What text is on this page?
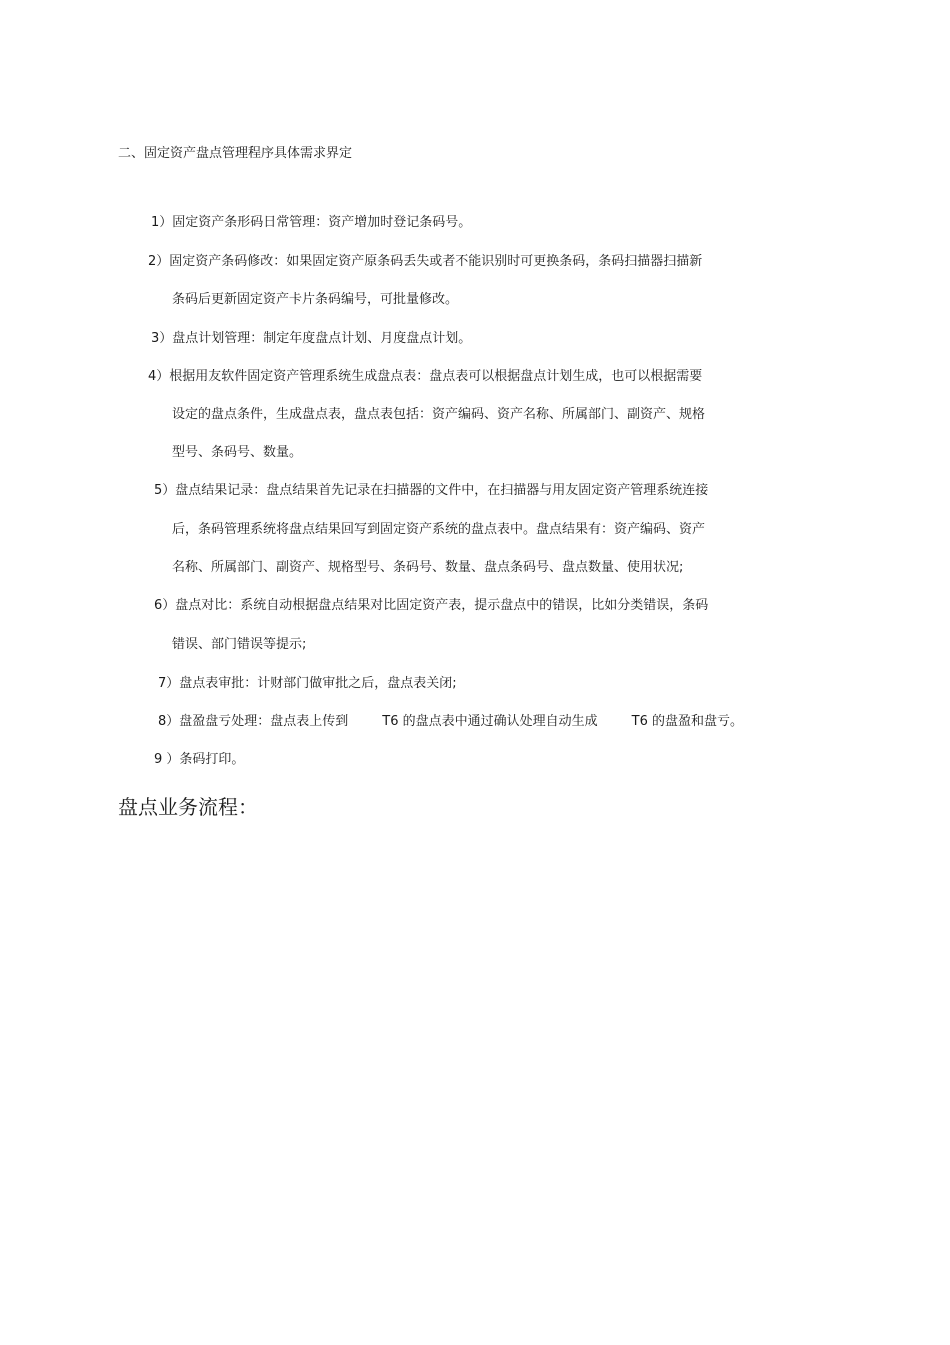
二、固定资产盘点管理程序具体需求界定
1）固定资产条形码日常管理：资产增加时登记条码号。
2）固定资产条码修改：如果固定资产原条码丢失或者不能识别时可更换条码，条码扫描器扫描新
条码后更新固定资产卡片条码编号，可批量修改。
3）盘点计划管理：制定年度盘点计划、月度盘点计划。
4）根据用友软件固定资产管理系统生成盘点表：盘点表可以根据盘点计划生成，也可以根据需要
设定的盘点条件，生成盘点表，盘点表包括：资产编码、资产名称、所属部门、副资产、规格
型号、条码号、数量。
5）盘点结果记录：盘点结果首先记录在扫描器的文件中，在扫描器与用友固定资产管理系统连接
后，条码管理系统将盘点结果回写到固定资产系统的盘点表中。盘点结果有：资产编码、资产
名称、所属部门、副资产、规格型号、条码号、数量、盘点条码号、盘点数量、使用状况;
6）盘点对比：系统自动根据盘点结果对比固定资产表，提示盘点中的错误，比如分类错误，条码
错误、部门错误等提示;
7）盘点表审批：计财部门做审批之后，盘点表关闭;
8）盘盈盘亏处理：盘点表上传到	T6 的盘点表中通过确认处理自动生成	T6 的盘盈和盘亏。
9 ）条码打印。
盘点业务流程：
